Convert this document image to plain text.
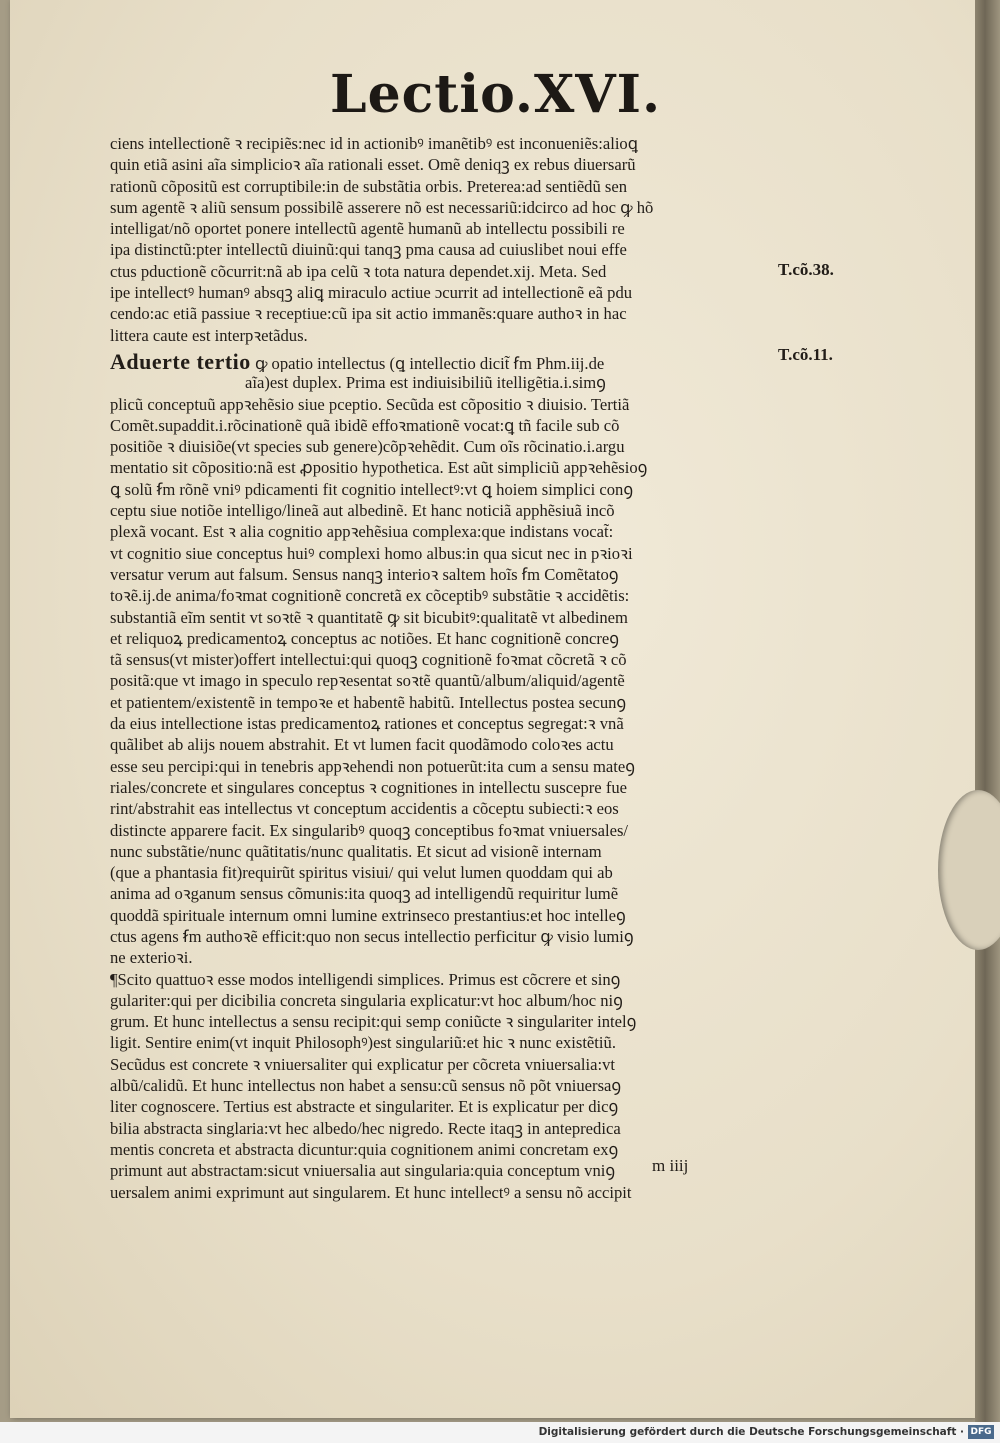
Lectio.XVI.
T.cõ.38.
T.cõ.11.
ciens intellectionẽ ꝛ recipiẽs:nec id in actionibꝰ imanẽtibꝰ est inconueniẽs:alioꝗ
quin etiã asini aĩa simplicioꝛ aĩa rationali esset. Omẽ deniqꝫ ex rebus diuersarũ
rationũ cõpositũ est corruptibile:in de substãtia orbis. Preterea:ad sentiẽdũ sen
sum agentẽ ꝛ aliũ sensum possibilẽ asserere nõ est necessariũ:idcirco ad hoc ꝙ hõ
intelligat/nõ oportet ponere intellectũ agentẽ humanũ ab intellectu possibili re
ipa distinctũ:pter intellectũ diuinũ:qui tanqꝫ pma causa ad cuiuslibet noui effe
ctus pductionẽ cõcurrit:nã ab ipa celũ ꝛ tota natura dependet.xij. Meta. Sed
ipe intellectꝰ humanꝰ absqꝫ aliꝗ miraculo actiue ɔcurrit ad intellectionẽ eã pdu
cendo:ac etiã passiue ꝛ receptiue:cũ ipa sit actio immanẽs:quare authoꝛ in hac
littera caute est interpꝛetãdus.
Aduerte tertio ꝙ opatio intellectus (ꝗ intellectio dicit̃ ẜm Phm.iij.de
aĩa)est duplex. Prima est indiuisibiliũ itelligẽtia.i.simꝯ
plicũ conceptuũ appꝛehẽsio siue pceptio. Secũda est cõpositio ꝛ diuisio. Tertiã
Comẽt.supaddit.i.rõcinationẽ quã ibidẽ effoꝛmationẽ vocat:ꝗ tñ facile sub cõ
positiõe ꝛ diuisiõe(vt species sub genere)cõpꝛehẽdit. Cum oĩs rõcinatio.i.argu
mentatio sit cõpositio:nã est ꝓpositio hypothetica. Est aũt simpliciũ appꝛehẽsioꝯ
ꝗ solũ ẜm rõnẽ vniꝰ pdicamenti fit cognitio intellectꝰ:vt ꝗ hoiem simplici conꝯ
ceptu siue notiõe intelligo/lineã aut albedinẽ. Et hanc noticiã apphẽsiuã incõ
plexã vocant. Est ꝛ alia cognitio appꝛehẽsiua complexa:que indistans vocat̃:
vt cognitio siue conceptus huiꝰ complexi homo albus:in qua sicut nec in pꝛioꝛi
versatur verum aut falsum. Sensus nanqꝫ interioꝛ saltem hoĩs ẜm Comẽtatoꝯ
toꝛẽ.ij.de anima/foꝛmat cognitionẽ concretã ex cõceptibꝰ substãtie ꝛ accidẽtis:
substantiã eĩm sentit vt soꝛtẽ ꝛ quantitatẽ ꝙ sit bicubitꝰ:qualitatẽ vt albedinem
et reliquoꝝ predicamentoꝝ conceptus ac notiões. Et hanc cognitionẽ concreꝯ
tã sensus(vt mister)offert intellectui:qui quoqꝫ cognitionẽ foꝛmat cõcretã ꝛ cõ
positã:que vt imago in speculo repꝛesentat soꝛtẽ quantũ/album/aliquid/agentẽ
et patientem/existentẽ in tempoꝛe et habentẽ habitũ. Intellectus postea secunꝯ
da eius intellectione istas predicamentoꝝ rationes et conceptus segregat:ꝛ vnã
quãlibet ab alijs nouem abstrahit. Et vt lumen facit quodãmodo coloꝛes actu
esse seu percipi:qui in tenebris appꝛehendi non potuerũt:ita cum a sensu mateꝯ
riales/concrete et singulares conceptus ꝛ cognitiones in intellectu suscepre fue
rint/abstrahit eas intellectus vt conceptum accidentis a cõceptu subiecti:ꝛ eos
distincte apparere facit. Ex singularibꝰ quoqꝫ conceptibus foꝛmat vniuersales/
nunc substãtie/nunc quãtitatis/nunc qualitatis. Et sicut ad visionẽ internam
(que a phantasia fit)requirũt spiritus visiui/ qui velut lumen quoddam qui ab
anima ad oꝛganum sensus cõmunis:ita quoqꝫ ad intelligendũ requiritur lumẽ
quoddã spirituale internum omni lumine extrinseco prestantius:et hoc intelleꝯ
ctus agens ẜm authoꝛẽ efficit:quo non secus intellectio perficitur ꝙ visio lumiꝯ
ne exterioꝛi.
¶Scito quattuoꝛ esse modos intelligendi simplices. Primus est cõcrere et sinꝯ
gulariter:qui per dicibilia concreta singularia explicatur:vt hoc album/hoc niꝯ
grum. Et hunc intellectus a sensu recipit:qui semp coniũcte ꝛ singulariter intelꝯ
ligit. Sentire enim(vt inquit Philosophꝰ)est singulariũ:et hic ꝛ nunc existẽtiũ.
Secũdus est concrete ꝛ vniuersaliter qui explicatur per cõcreta vniuersalia:vt
albũ/calidũ. Et hunc intellectus non habet a sensu:cũ sensus nõ põt vniuersaꝯ
liter cognoscere. Tertius est abstracte et singulariter. Et is explicatur per dicꝯ
bilia abstracta singlaria:vt hec albedo/hec nigredo. Recte itaqꝫ in antepredica
mentis concreta et abstracta dicuntur:quia cognitionem animi concretam exꝯ
primunt aut abstractam:sicut vniuersalia aut singularia:quia conceptum vniꝯ
uersalem animi exprimunt aut singularem. Et hunc intellectꝰ a sensu nõ accipit
m iiij
Digitalisierung gefördert durch die Deutsche Forschungsgemeinschaft · DFG
